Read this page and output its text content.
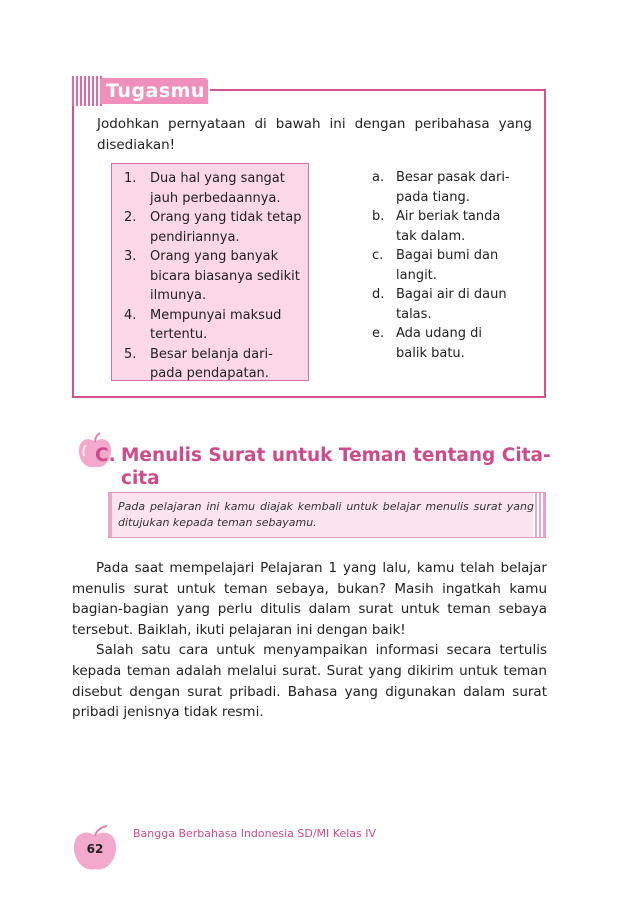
Tugasmu
Jodohkan pernyataan di bawah ini dengan peribahasa yang disediakan!
1. Dua hal yang sangat jauh perbedaannya.
2. Orang yang tidak tetap pendiriannya.
3. Orang yang banyak bicara biasanya sedikit ilmunya.
4. Mempunyai maksud tertentu.
5. Besar belanja dari-pada pendapatan.
a. Besar pasak dari-pada tiang.
b. Air beriak tanda tak dalam.
c. Bagai bumi dan langit.
d. Bagai air di daun talas.
e. Ada udang di balik batu.
C. Menulis Surat untuk Teman tentang Cita-cita
Pada pelajaran ini kamu diajak kembali untuk belajar menulis surat yang ditujukan kepada teman sebayamu.

Pada saat mempelajari Pelajaran 1 yang lalu, kamu telah belajar menulis surat untuk teman sebaya, bukan? Masih ingatkah kamu bagian-bagian yang perlu ditulis dalam surat untuk teman sebaya tersebut. Baiklah, ikuti pelajaran ini dengan baik!

Salah satu cara untuk menyampaikan informasi secara tertulis kepada teman adalah melalui surat. Surat yang dikirim untuk teman disebut dengan surat pribadi. Bahasa yang digunakan dalam surat pribadi jenisnya tidak resmi.

62
Bangga Berbahasa Indonesia SD/MI Kelas IV
